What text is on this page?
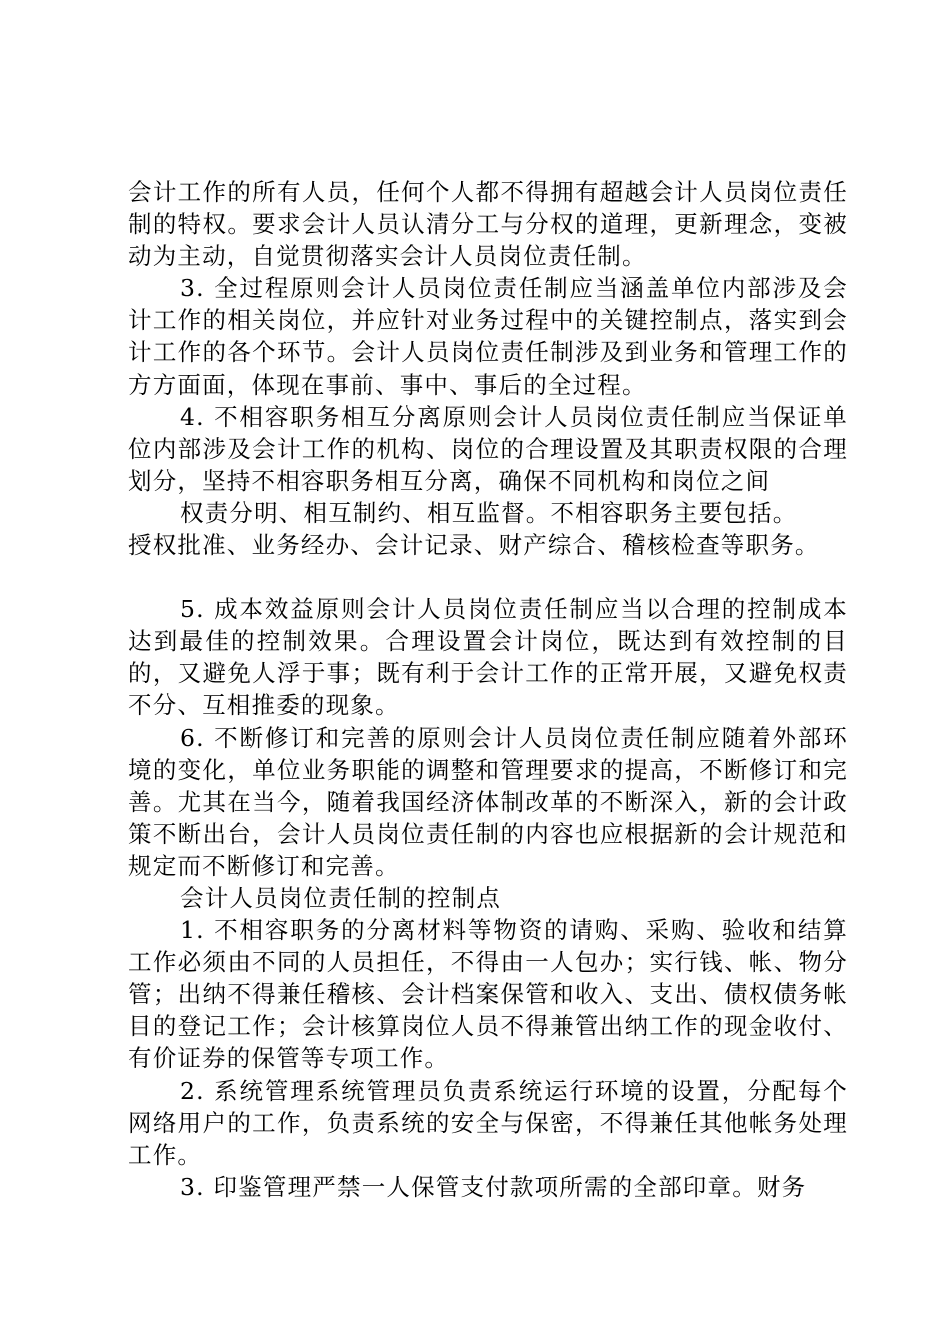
会计工作的所有人员，任何个人都不得拥有超越会计人员岗位责任制的特权。要求会计人员认清分工与分权的道理，更新理念，变被动为主动，自觉贯彻落实会计人员岗位责任制。

3. 全过程原则会计人员岗位责任制应当涵盖单位内部涉及会计工作的相关岗位，并应针对业务过程中的关键控制点，落实到会计工作的各个环节。会计人员岗位责任制涉及到业务和管理工作的方方面面，体现在事前、事中、事后的全过程。

4. 不相容职务相互分离原则会计人员岗位责任制应当保证单位内部涉及会计工作的机构、岗位的合理设置及其职责权限的合理划分，坚持不相容职务相互分离，确保不同机构和岗位之间

权责分明、相互制约、相互监督。不相容职务主要包括。

授权批准、业务经办、会计记录、财产综合、稽核检查等职务。

5. 成本效益原则会计人员岗位责任制应当以合理的控制成本达到最佳的控制效果。合理设置会计岗位，既达到有效控制的目的，又避免人浮于事；既有利于会计工作的正常开展，又避免权责不分、互相推委的现象。

6. 不断修订和完善的原则会计人员岗位责任制应随着外部环境的变化，单位业务职能的调整和管理要求的提高，不断修订和完善。尤其在当今，随着我国经济体制改革的不断深入，新的会计政策不断出台，会计人员岗位责任制的内容也应根据新的会计规范和规定而不断修订和完善。

会计人员岗位责任制的控制点

1. 不相容职务的分离材料等物资的请购、采购、验收和结算工作必须由不同的人员担任，不得由一人包办；实行钱、帐、物分管；出纳不得兼任稽核、会计档案保管和收入、支出、债权债务帐目的登记工作；会计核算岗位人员不得兼管出纳工作的现金收付、有价证券的保管等专项工作。

2. 系统管理系统管理员负责系统运行环境的设置，分配每个网络用户的工作，负责系统的安全与保密，不得兼任其他帐务处理工作。

3. 印鉴管理严禁一人保管支付款项所需的全部印章。财务
